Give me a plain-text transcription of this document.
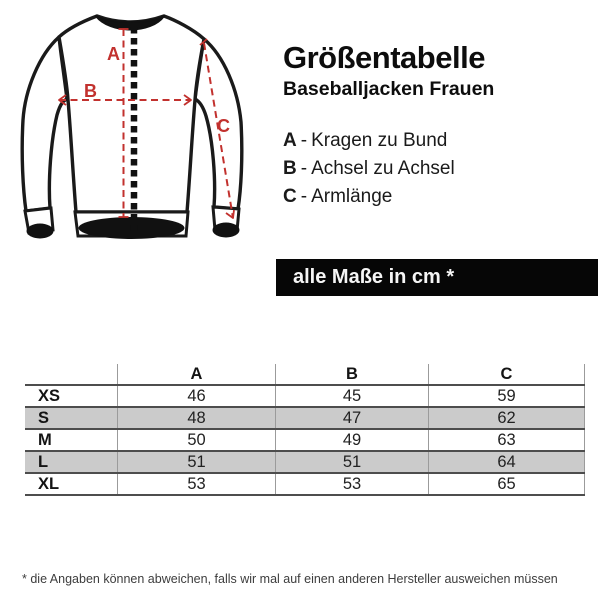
A
B
C
Größentabelle
Baseballjacken Frauen
A - Kragen zu Bund
B - Achsel zu Achsel
C - Armlänge
alle Maße in cm *
	A	B	C
XS	46	45	59
S	48	47	62
M	50	49	63
L	51	51	64
XL	53	53	65
* die Angaben können abweichen, falls wir mal auf einen anderen Hersteller ausweichen müssen
